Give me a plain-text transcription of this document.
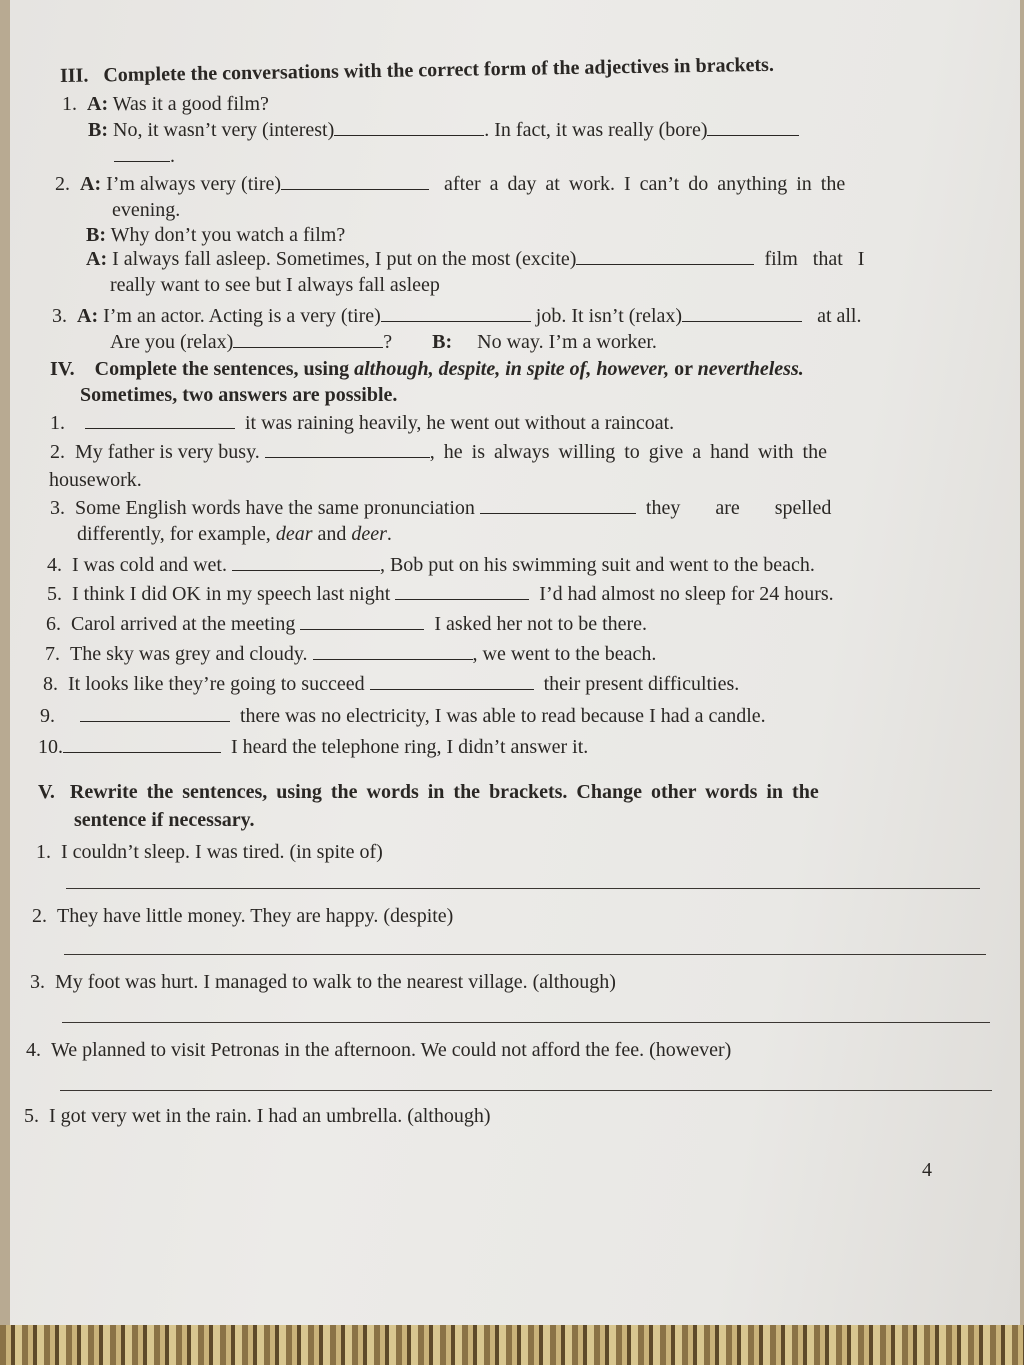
III. Complete the conversations with the correct form of the adjectives in brackets.
1. A: Was it a good film?
B: No, it wasn’t very (interest)	. In fact, it was really (bore)
.
2. A: I’m always very (tire)	after a day at work. I can’t do anything in the
evening.
B: Why don’t you watch a film?
A: I always fall asleep. Sometimes, I put on the most (excite)	film that I
really want to see but I always fall asleep
3. A: I’m an actor. Acting is a very (tire)	job. It isn’t (relax)	at all.
Are you (relax)	? B: No way. I’m a worker.
IV. Complete the sentences, using although, despite, in spite of, however, or nevertheless.
Sometimes, two answers are possible.
1.	it was raining heavily, he went out without a raincoat.
2. My father is very busy.	, he is always willing to give a hand with the
housework.
3. Some English words have the same pronunciation	they       are       spelled
differently, for example, dear and deer.
4. I was cold and wet.	, Bob put on his swimming suit and went to the beach.
5. I think I did OK in my speech last night	I’d had almost no sleep for 24 hours.
6. Carol arrived at the meeting	I asked her not to be there.
7. The sky was grey and cloudy.	, we went to the beach.
8. It looks like they’re going to succeed	their present difficulties.
9.	there was no electricity, I was able to read because I had a candle.
10.	I heard the telephone ring, I didn’t answer it.
V. Rewrite the sentences, using the words in the brackets. Change other words in the
sentence if necessary.
1. I couldn’t sleep. I was tired. (in spite of)
2. They have little money. They are happy. (despite)
3. My foot was hurt. I managed to walk to the nearest village. (although)
4. We planned to visit Petronas in the afternoon. We could not afford the fee. (however)
5. I got very wet in the rain. I had an umbrella. (although)
4
